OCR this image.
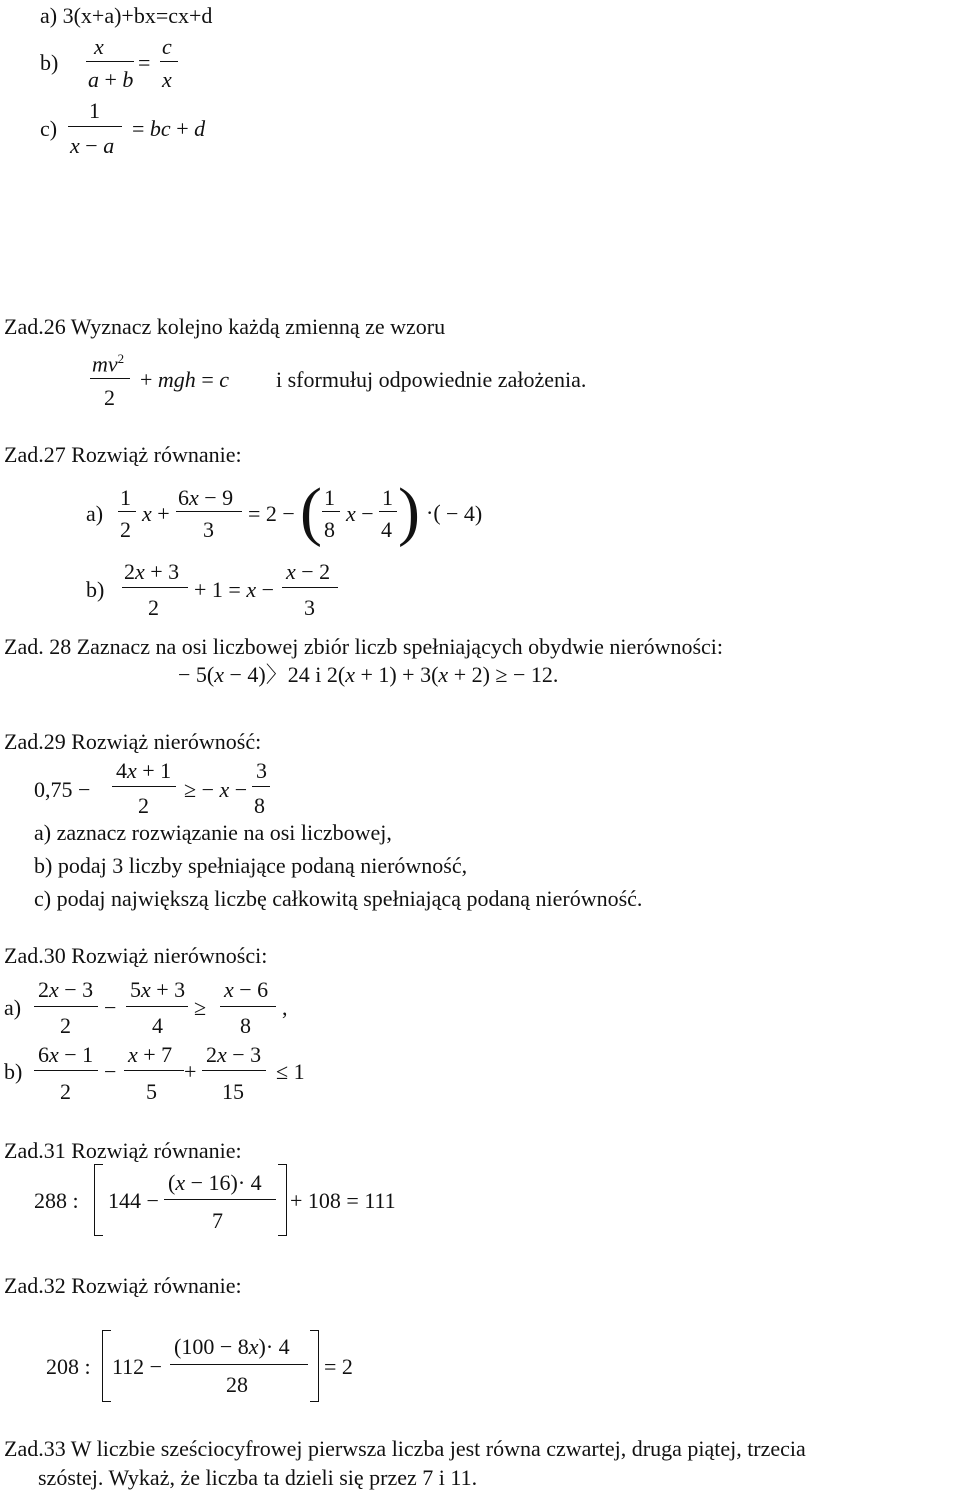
a) 3(x+a)+bx=cx+d
b)
x
a + b
=
c
x
c)
1
x − a
= bc + d
Zad.26 Wyznacz kolejno każdą zmienną ze wzoru
$mv^2$
2
+ mgh = c i sformułuj odpowiednie założenia.
Zad.27 Rozwiąż równanie:
a)
1
2
x +
6x − 9
3
= 2 − ( 1
8
x −
1
4 ) ·( − 4)
b)
2x + 3
2
+ 1 = x −
x − 2
3
Zad. 28 Zaznacz na osi liczbowej zbiór liczb spełniających obydwie nierówności:
− 5(x − 4)〉24 i 2(x + 1) + 3(x + 2) ≥ − 12.
Zad.29 Rozwiąż nierówność:
0,75 −
4x + 1
2
≥ − x −
3
8
a) zaznacz rozwiązanie na osi liczbowej,
b) podaj 3 liczby spełniające podaną nierówność,
c) podaj największą liczbę całkowitą spełniającą podaną nierówność.
Zad.30 Rozwiąż nierówności:
a)
2x − 3
2
−
5x + 3
4
≥
x − 6
8
,
b)
6x − 1
2
−
x + 7
5
+
2x − 3
15
≤ 1
Zad.31 Rozwiąż równanie:
288 : 144 −
(x − 16)· 4
7
+ 108 = 111
Zad.32 Rozwiąż równanie:
208 : 112 −
(100 − 8x)· 4
28
= 2
Zad.33 W liczbie sześciocyfrowej pierwsza liczba jest równa czwartej, druga piątej, trzecia
szóstej. Wykaż, że liczba ta dzieli się przez 7 i 11.
